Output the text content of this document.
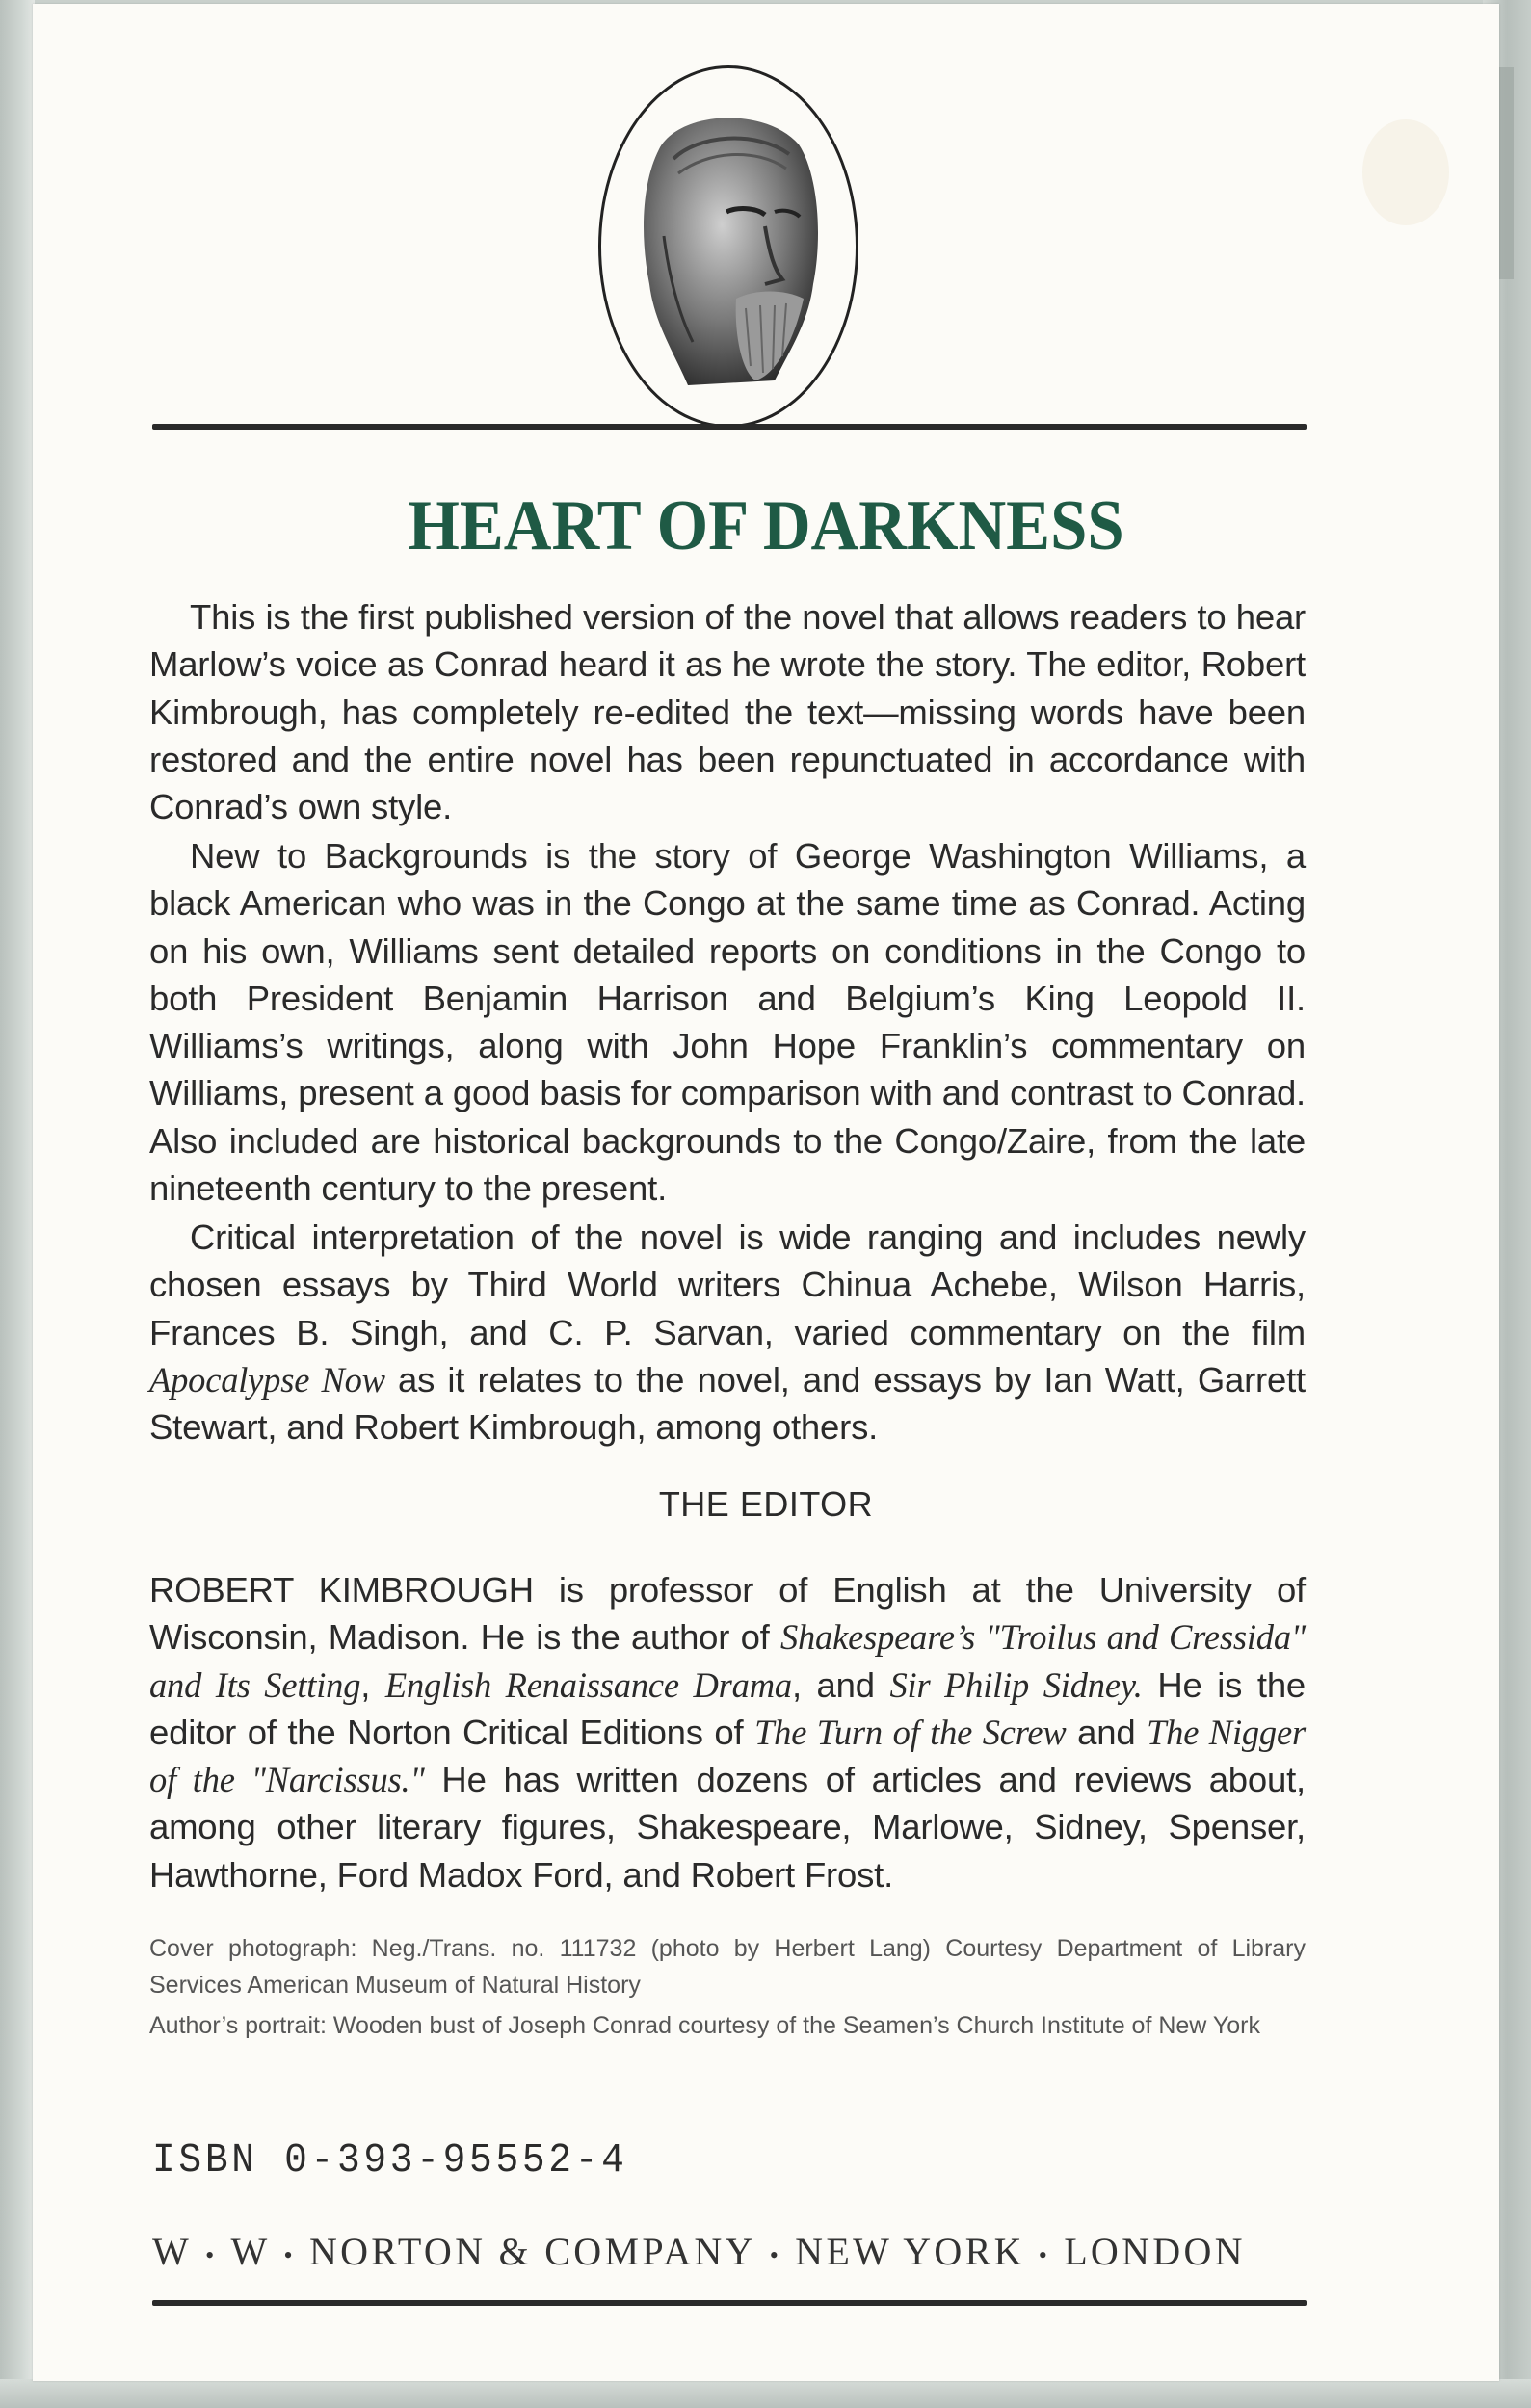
HEART OF DARKNESS

This is the first published version of the novel that allows readers to hear Marlow’s voice as Conrad heard it as he wrote the story. The editor, Robert Kimbrough, has completely re-edited the text—missing words have been restored and the entire novel has been repunctuated in accordance with Conrad’s own style.

New to Backgrounds is the story of George Washington Williams, a black American who was in the Congo at the same time as Conrad. Acting on his own, Williams sent detailed reports on conditions in the Congo to both President Benjamin Harrison and Belgium’s King Leopold II. Williams’s writings, along with John Hope Franklin’s commentary on Williams, present a good basis for comparison with and contrast to Conrad. Also included are historical backgrounds to the Congo/Zaire, from the late nineteenth century to the present.

Critical interpretation of the novel is wide ranging and includes newly chosen essays by Third World writers Chinua Achebe, Wilson Harris, Frances B. Singh, and C. P. Sarvan, varied commentary on the film Apocalypse Now as it relates to the novel, and essays by Ian Watt, Garrett Stewart, and Robert Kimbrough, among others.

THE EDITOR

ROBERT KIMBROUGH is professor of English at the University of Wisconsin, Madison. He is the author of Shakespeare’s "Troilus and Cressida" and Its Setting, English Renaissance Drama, and Sir Philip Sidney. He is the editor of the Norton Critical Editions of The Turn of the Screw and The Nigger of the "Narcissus." He has written dozens of articles and reviews about, among other literary figures, Shakespeare, Marlowe, Sidney, Spenser, Hawthorne, Ford Madox Ford, and Robert Frost.

Cover photograph: Neg./Trans. no. 111732 (photo by Herbert Lang) Courtesy Department of Library Services American Museum of Natural History

Author’s portrait: Wooden bust of Joseph Conrad courtesy of the Seamen’s Church Institute of New York

ISBN 0-393-95552-4
W • W • NORTON & COMPANY • NEW YORK • LONDON
